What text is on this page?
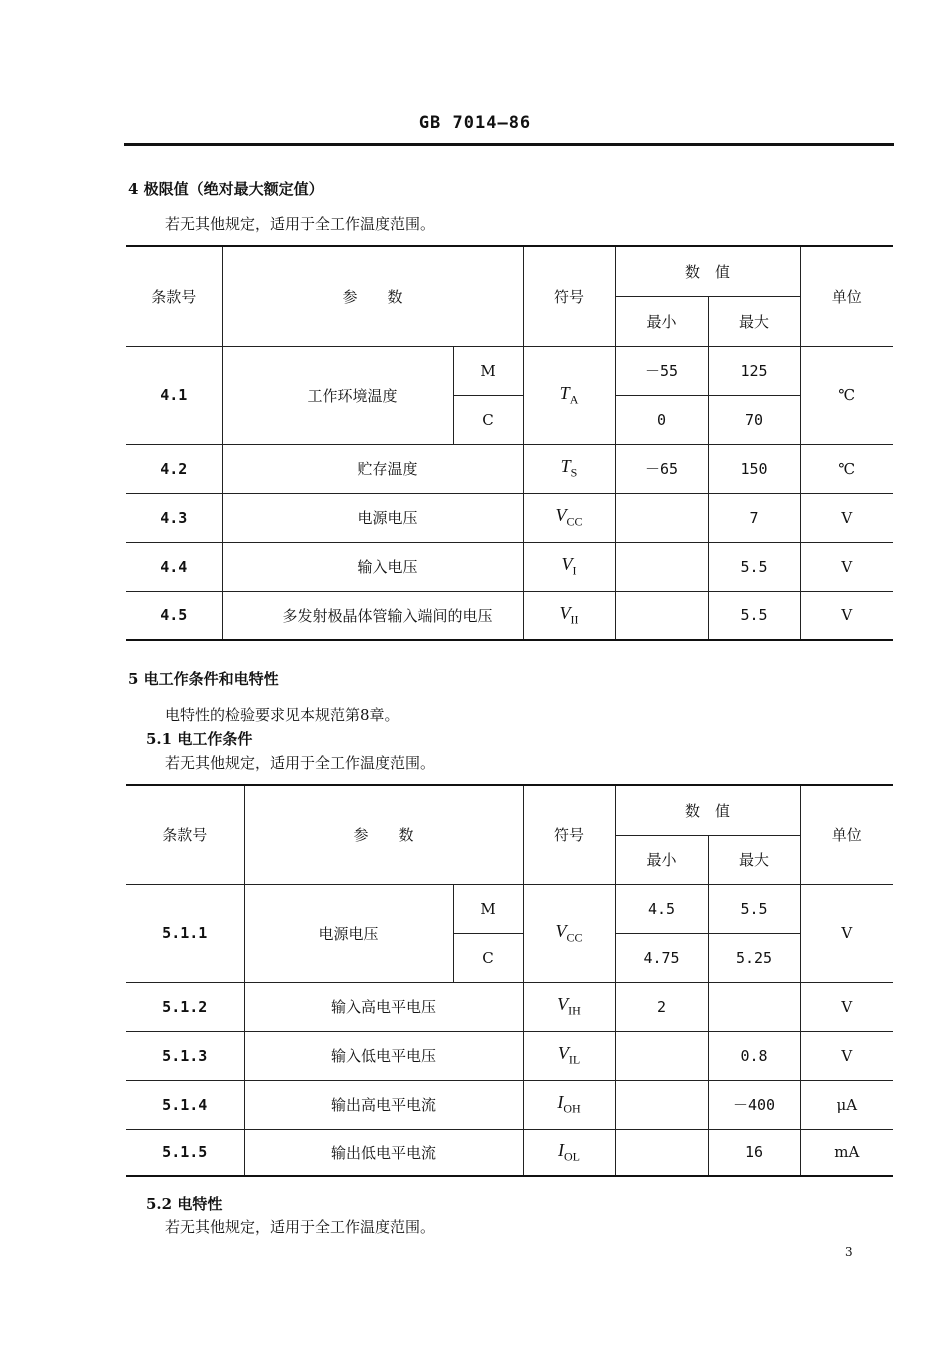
GB 7014—86
4 极限值（绝对最大额定值）
若无其他规定，适用于全工作温度范围。
条款号	参　　数		符号	数　值		单位
				最小	最大	
4.1	工作环境温度	M	$T_A$	－55	125	℃
		C		0	70	
4.2	贮存温度		$T_S$	－65	150	℃
4.3	电源电压		$V_{CC}$		7	V
4.4	输入电压		$V_I$		5.5	V
4.5	多发射极晶体管输入端间的电压		$V_{II}$		5.5	V
5 电工作条件和电特性
电特性的检验要求见本规范第8章。
5.1 电工作条件
若无其他规定，适用于全工作温度范围。
条款号	参　　数		符号	数　值		单位
				最小	最大	
5.1.1	电源电压	M	$V_{CC}$	4.5	5.5	V
		C		4.75	5.25	
5.1.2	输入高电平电压		$V_{IH}$	2		V
5.1.3	输入低电平电压		$V_{IL}$		0.8	V
5.1.4	输出高电平电流		$I_{OH}$		－400	μA
5.1.5	输出低电平电流		$I_{OL}$		16	mA
5.2 电特性
若无其他规定，适用于全工作温度范围。
3
